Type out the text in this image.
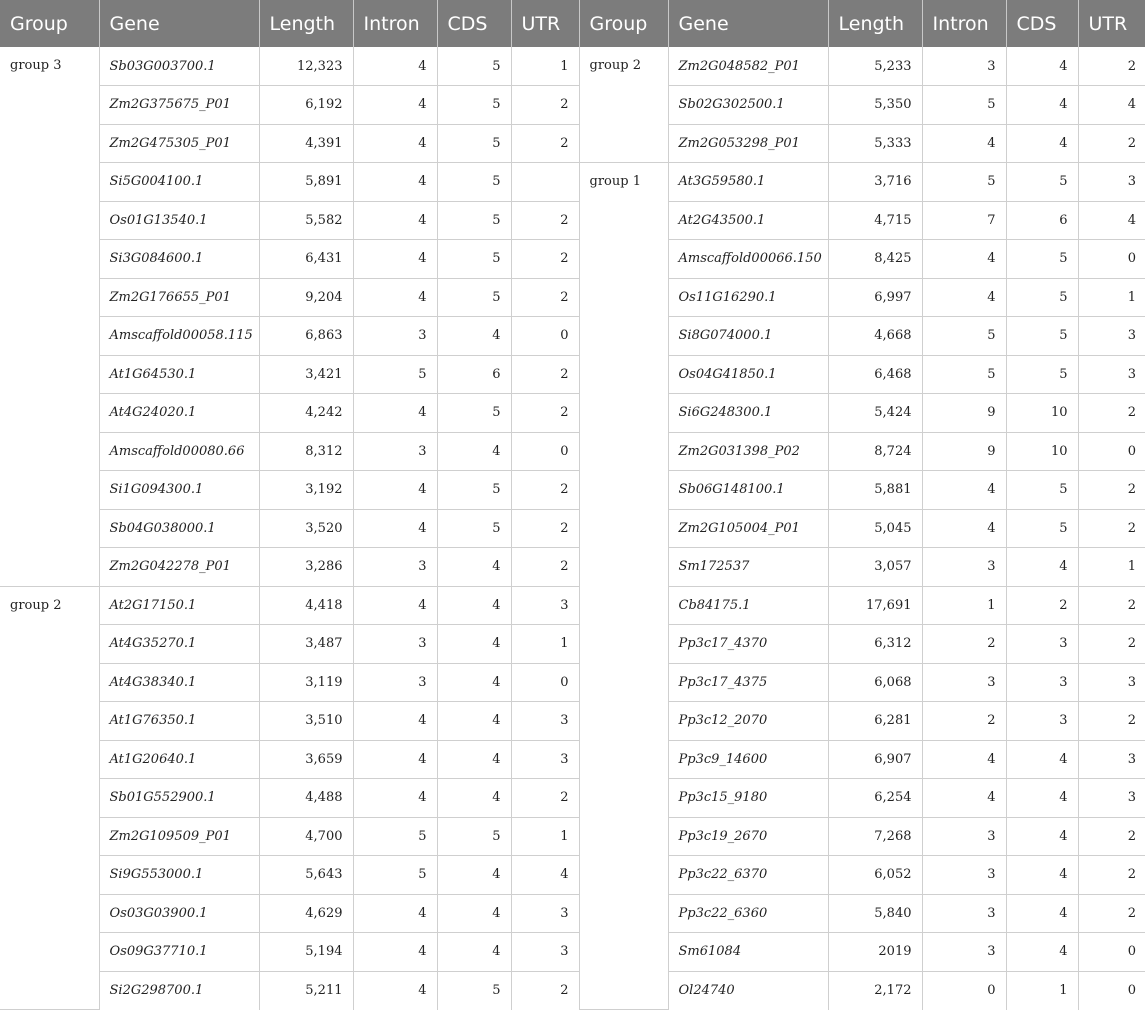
Group	Gene	Length	Intron	CDS	UTR	Group	Gene	Length	Intron	CDS	UTR
group 3	Sb03G003700.1	12,323	4	5	1	group 2	Zm2G048582_P01	5,233	3	4	2
	Zm2G375675_P01	6,192	4	5	2		Sb02G302500.1	5,350	5	4	4
	Zm2G475305_P01	4,391	4	5	2		Zm2G053298_P01	5,333	4	4	2
	Si5G004100.1	5,891	4	5		group 1	At3G59580.1	3,716	5	5	3
	Os01G13540.1	5,582	4	5	2		At2G43500.1	4,715	7	6	4
	Si3G084600.1	6,431	4	5	2		Amscaffold00066.150	8,425	4	5	0
	Zm2G176655_P01	9,204	4	5	2		Os11G16290.1	6,997	4	5	1
	Amscaffold00058.115	6,863	3	4	0		Si8G074000.1	4,668	5	5	3
	At1G64530.1	3,421	5	6	2		Os04G41850.1	6,468	5	5	3
	At4G24020.1	4,242	4	5	2		Si6G248300.1	5,424	9	10	2
	Amscaffold00080.66	8,312	3	4	0		Zm2G031398_P02	8,724	9	10	0
	Si1G094300.1	3,192	4	5	2		Sb06G148100.1	5,881	4	5	2
	Sb04G038000.1	3,520	4	5	2		Zm2G105004_P01	5,045	4	5	2
	Zm2G042278_P01	3,286	3	4	2		Sm172537	3,057	3	4	1
group 2	At2G17150.1	4,418	4	4	3		Cb84175.1	17,691	1	2	2
	At4G35270.1	3,487	3	4	1		Pp3c17_4370	6,312	2	3	2
	At4G38340.1	3,119	3	4	0		Pp3c17_4375	6,068	3	3	3
	At1G76350.1	3,510	4	4	3		Pp3c12_2070	6,281	2	3	2
	At1G20640.1	3,659	4	4	3		Pp3c9_14600	6,907	4	4	3
	Sb01G552900.1	4,488	4	4	2		Pp3c15_9180	6,254	4	4	3
	Zm2G109509_P01	4,700	5	5	1		Pp3c19_2670	7,268	3	4	2
	Si9G553000.1	5,643	5	4	4		Pp3c22_6370	6,052	3	4	2
	Os03G03900.1	4,629	4	4	3		Pp3c22_6360	5,840	3	4	2
	Os09G37710.1	5,194	4	4	3		Sm61084	2019	3	4	0
	Si2G298700.1	5,211	4	5	2		Ol24740	2,172	0	1	0
